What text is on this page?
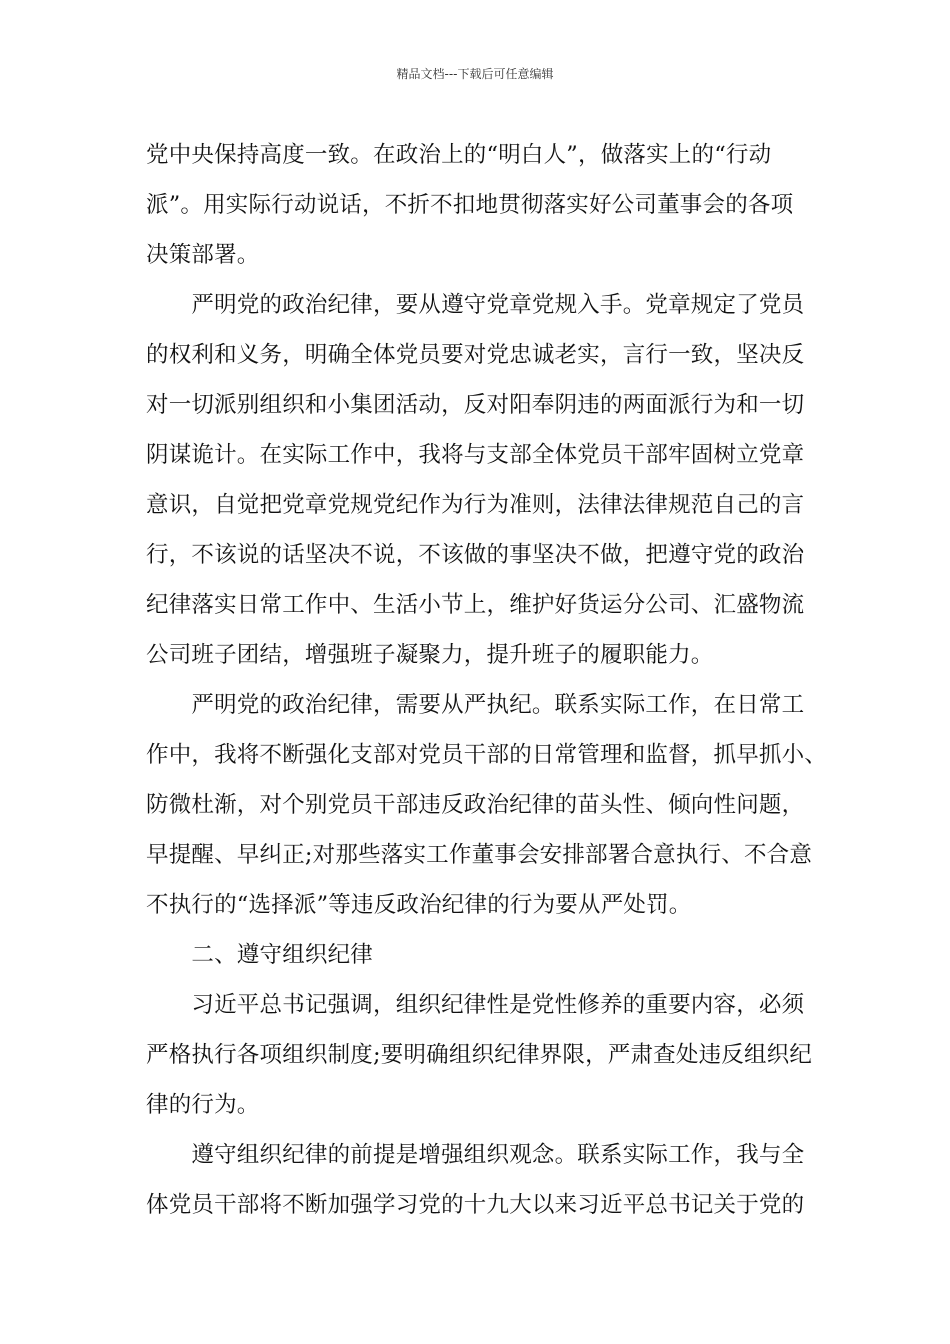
精品文档---下载后可任意编辑
党中央保持高度一致。在政治上的“明白人”，做落实上的“行动
派”。用实际行动说话，不折不扣地贯彻落实好公司董事会的各项
决策部署。
　　严明党的政治纪律，要从遵守党章党规入手。党章规定了党员
的权利和义务，明确全体党员要对党忠诚老实，言行一致，坚决反
对一切派别组织和小集团活动，反对阳奉阴违的两面派行为和一切
阴谋诡计。在实际工作中，我将与支部全体党员干部牢固树立党章
意识，自觉把党章党规党纪作为行为准则，法律法律规范自己的言
行，不该说的话坚决不说，不该做的事坚决不做，把遵守党的政治
纪律落实日常工作中、生活小节上，维护好货运分公司、汇盛物流
公司班子团结，增强班子凝聚力，提升班子的履职能力。
　　严明党的政治纪律，需要从严执纪。联系实际工作，在日常工
作中，我将不断强化支部对党员干部的日常管理和监督，抓早抓小、
防微杜渐，对个别党员干部违反政治纪律的苗头性、倾向性问题，
早提醒、早纠正;对那些落实工作董事会安排部署合意执行、不合意
不执行的“选择派”等违反政治纪律的行为要从严处罚。
　　二、遵守组织纪律
　　习近平总书记强调，组织纪律性是党性修养的重要内容，必须
严格执行各项组织制度;要明确组织纪律界限，严肃查处违反组织纪
律的行为。
　　遵守组织纪律的前提是增强组织观念。联系实际工作，我与全
体党员干部将不断加强学习党的十九大以来习近平总书记关于党的
